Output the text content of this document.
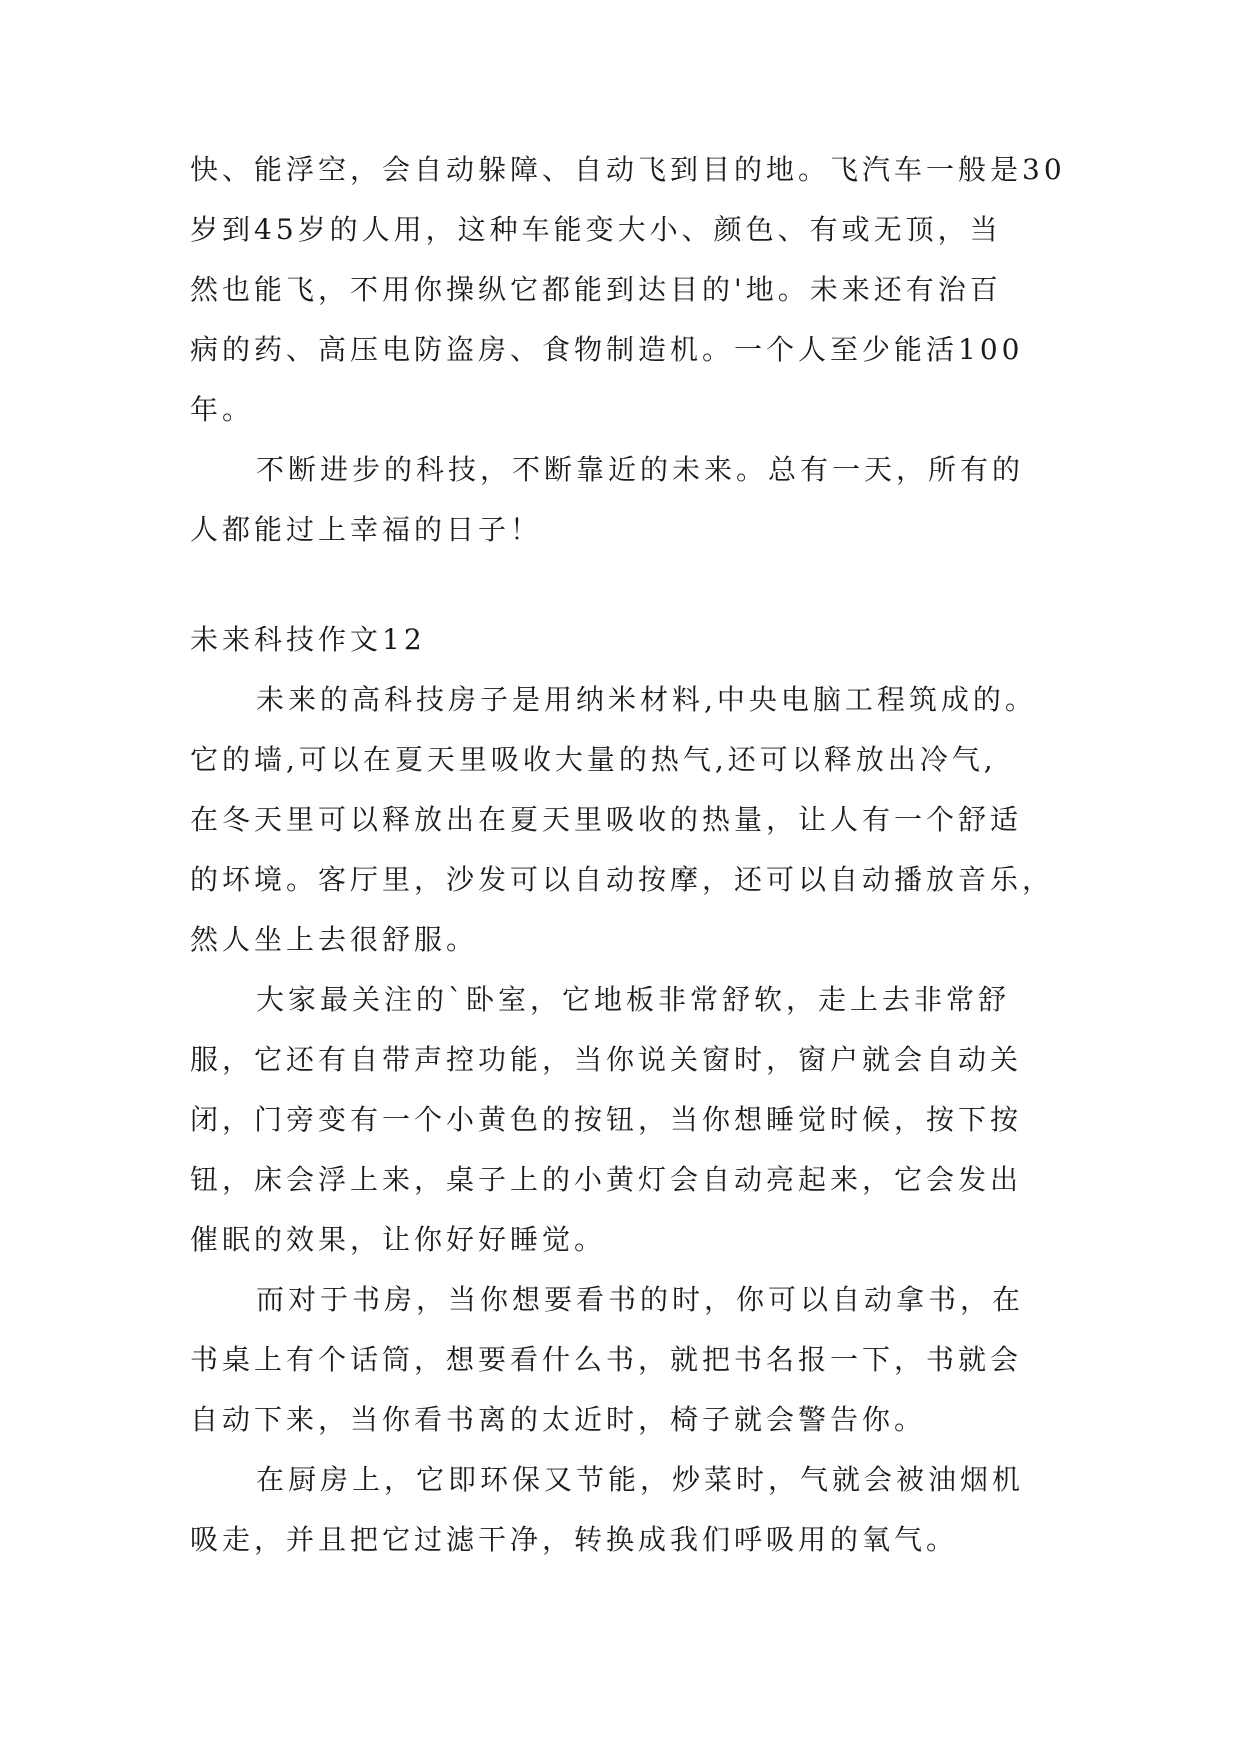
快、能浮空，会自动躲障、自动飞到目的地。飞汽车一般是30
岁到45岁的人用，这种车能变大小、颜色、有或无顶，当
然也能飞，不用你操纵它都能到达目的'地。未来还有治百
病的药、高压电防盗房、食物制造机。一个人至少能活100
年。
不断进步的科技，不断靠近的未来。总有一天，所有的
人都能过上幸福的日子！
未来科技作文12
未来的高科技房子是用纳米材料,中央电脑工程筑成的。
它的墙,可以在夏天里吸收大量的热气,还可以释放出冷气,
在冬天里可以释放出在夏天里吸收的热量，让人有一个舒适
的坏境。客厅里，沙发可以自动按摩，还可以自动播放音乐，
然人坐上去很舒服。
大家最关注的`卧室，它地板非常舒软，走上去非常舒
服，它还有自带声控功能，当你说关窗时，窗户就会自动关
闭，门旁变有一个小黄色的按钮，当你想睡觉时候，按下按
钮，床会浮上来，桌子上的小黄灯会自动亮起来，它会发出
催眠的效果，让你好好睡觉。
而对于书房，当你想要看书的时，你可以自动拿书，在
书桌上有个话筒，想要看什么书，就把书名报一下，书就会
自动下来，当你看书离的太近时，椅子就会警告你。
在厨房上，它即环保又节能，炒菜时，气就会被油烟机
吸走，并且把它过滤干净，转换成我们呼吸用的氧气。
